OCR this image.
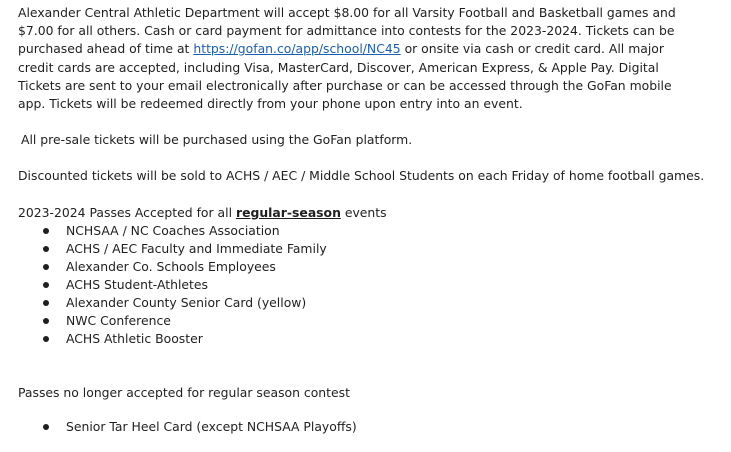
Alexander Central Athletic Department will accept $8.00 for all Varsity Football and Basketball games and $7.00 for all others. Cash or card payment for admittance into contests for the 2023-2024. Tickets can be purchased ahead of time at https://gofan.co/app/school/NC45 or onsite via cash or credit card. All major credit cards are accepted, including Visa, MasterCard, Discover, American Express, & Apple Pay. Digital Tickets are sent to your email electronically after purchase or can be accessed through the GoFan mobile app. Tickets will be redeemed directly from your phone upon entry into an event.

All pre-sale tickets will be purchased using the GoFan platform.

Discounted tickets will be sold to ACHS / AEC / Middle School Students on each Friday of home football games.

2023-2024 Passes Accepted for all regular-season events

NCHSAA / NC Coaches Association
ACHS / AEC Faculty and Immediate Family
Alexander Co. Schools Employees
ACHS Student-Athletes
Alexander County Senior Card (yellow)
NWC Conference
ACHS Athletic Booster

Passes no longer accepted for regular season contest

Senior Tar Heel Card (except NCHSAA Playoffs)
